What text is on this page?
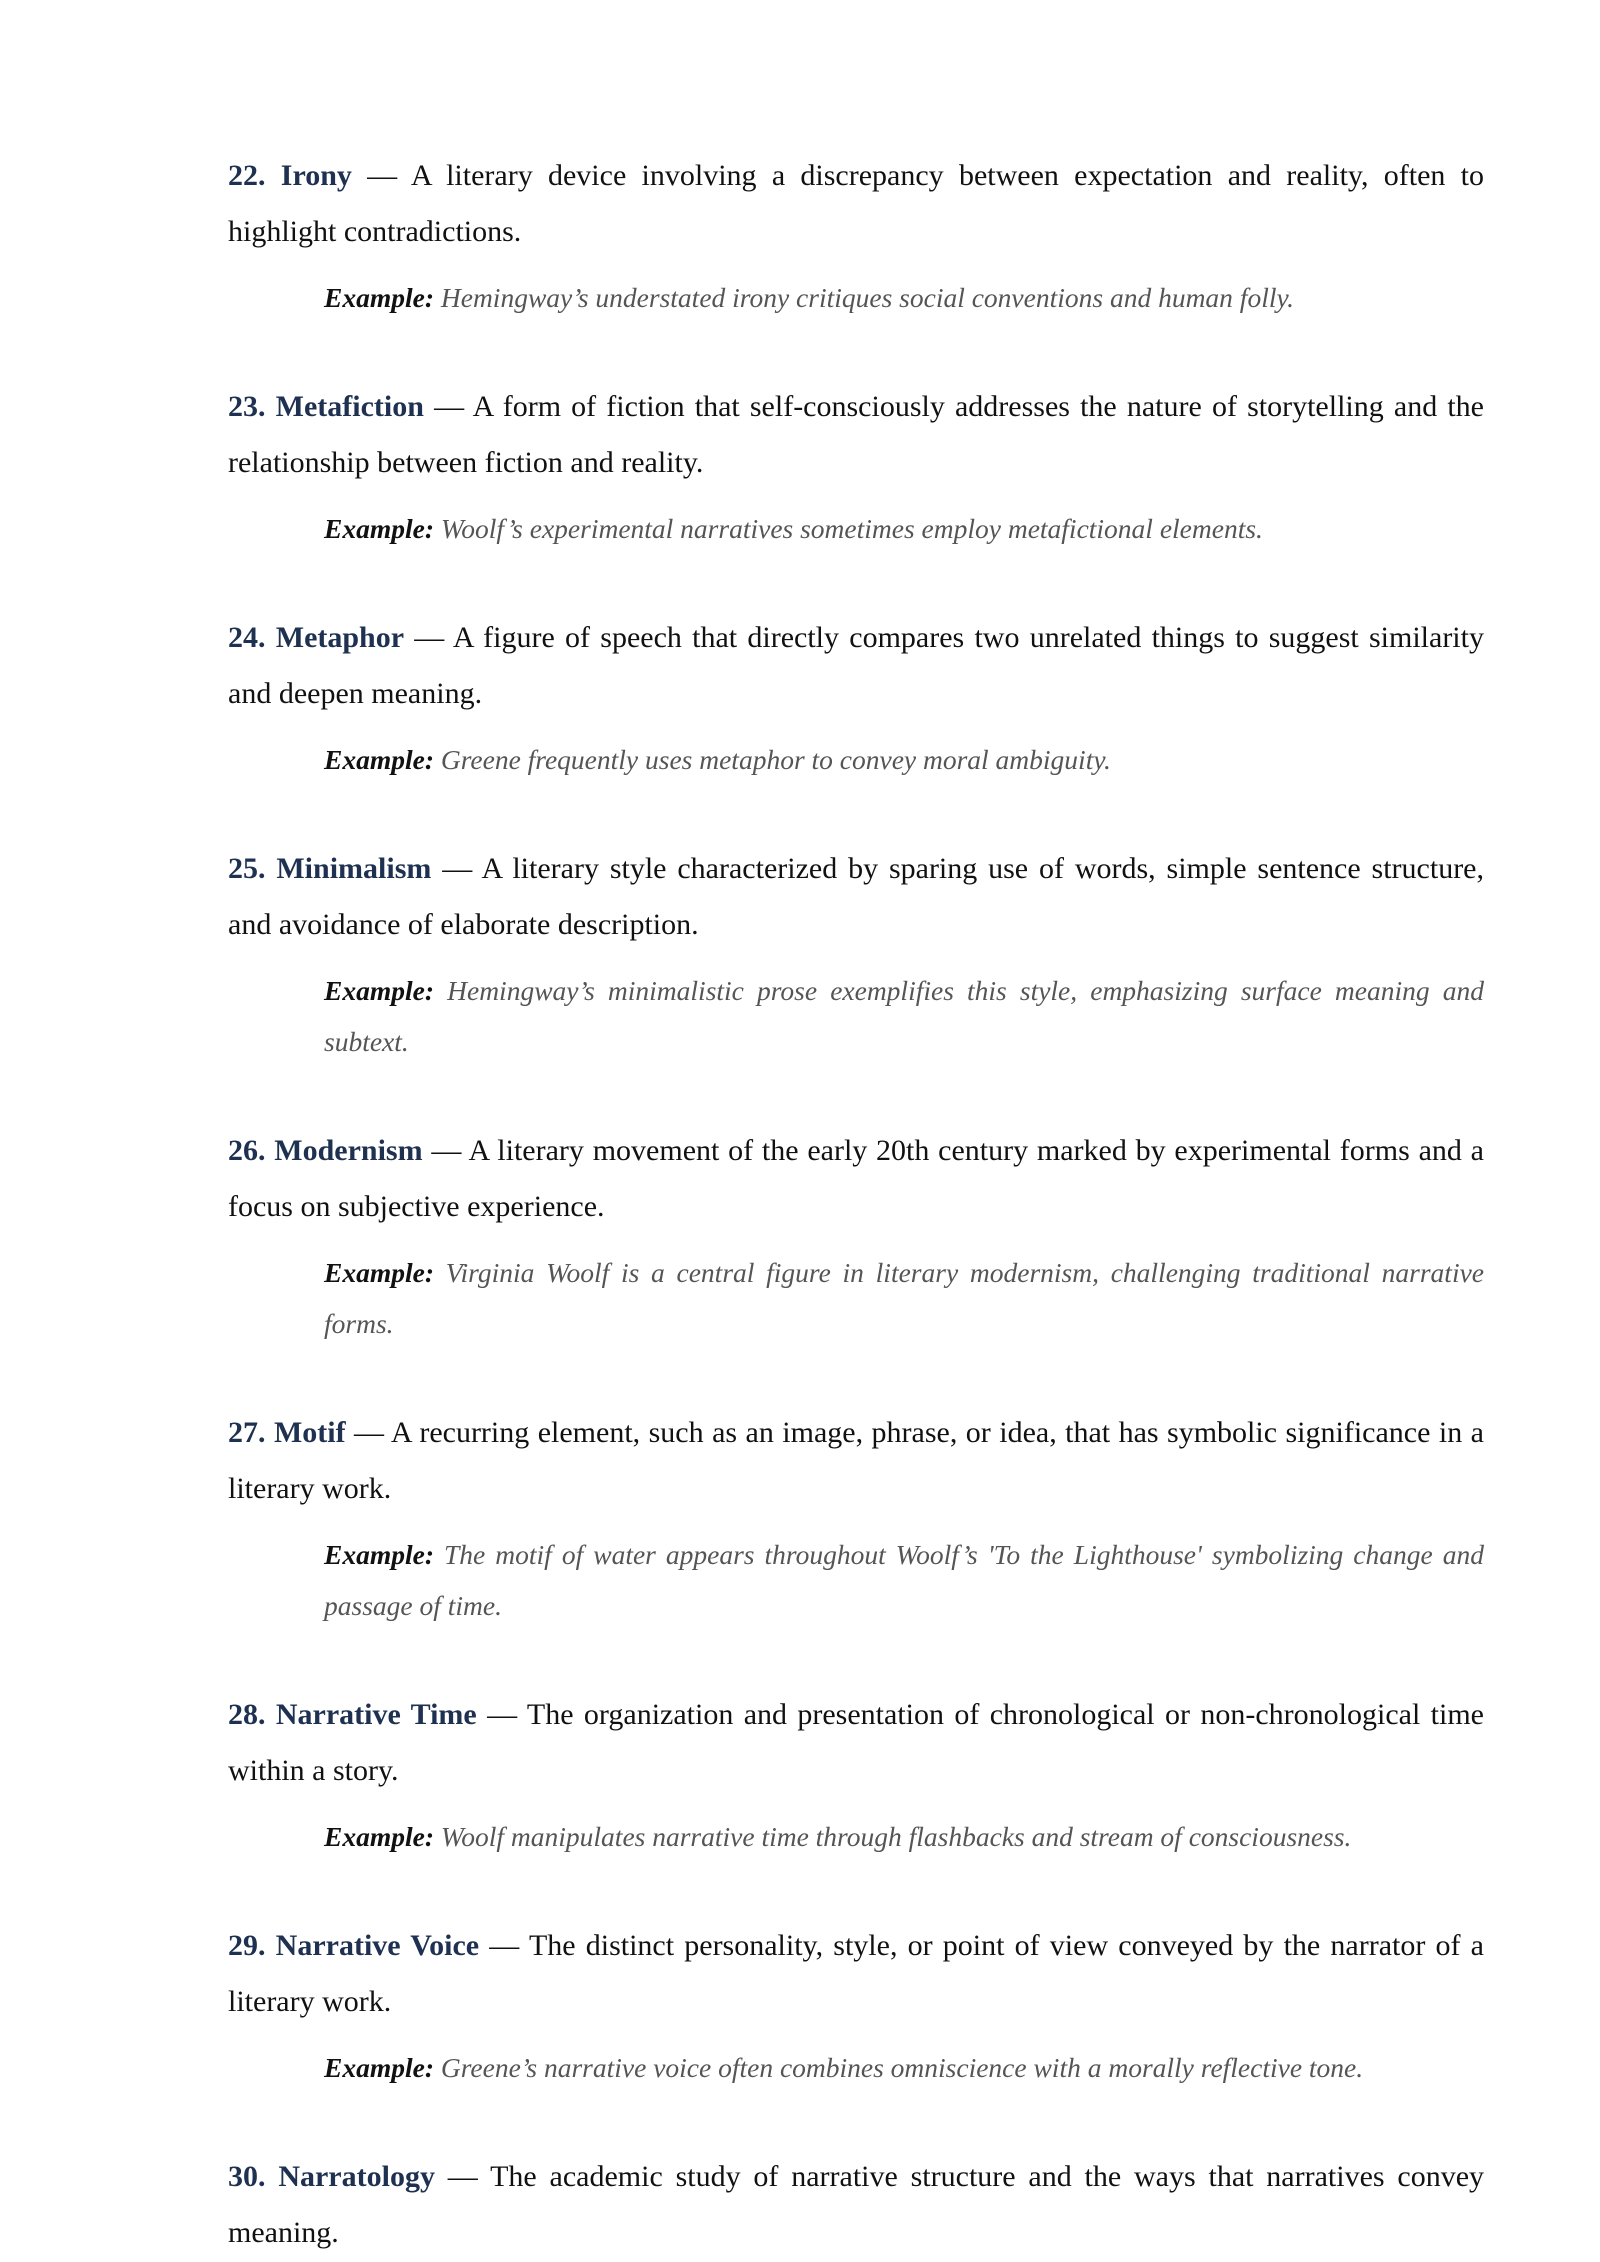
22. Irony — A literary device involving a discrepancy between expectation and reality, often to highlight contradictions.

Example: Hemingway’s understated irony critiques social conventions and human folly.

23. Metafiction — A form of fiction that self-consciously addresses the nature of storytelling and the relationship between fiction and reality.

Example: Woolf’s experimental narratives sometimes employ metafictional elements.

24. Metaphor — A figure of speech that directly compares two unrelated things to suggest similarity and deepen meaning.

Example: Greene frequently uses metaphor to convey moral ambiguity.

25. Minimalism — A literary style characterized by sparing use of words, simple sentence structure, and avoidance of elaborate description.

Example: Hemingway’s minimalistic prose exemplifies this style, emphasizing surface meaning and subtext.

26. Modernism — A literary movement of the early 20th century marked by experimental forms and a focus on subjective experience.

Example: Virginia Woolf is a central figure in literary modernism, challenging traditional narrative forms.

27. Motif — A recurring element, such as an image, phrase, or idea, that has symbolic significance in a literary work.

Example: The motif of water appears throughout Woolf’s 'To the Lighthouse' symbolizing change and passage of time.

28. Narrative Time — The organization and presentation of chronological or non-chronological time within a story.

Example: Woolf manipulates narrative time through flashbacks and stream of consciousness.

29. Narrative Voice — The distinct personality, style, or point of view conveyed by the narrator of a literary work.

Example: Greene’s narrative voice often combines omniscience with a morally reflective tone.

30. Narratology — The academic study of narrative structure and the ways that narratives convey meaning.
